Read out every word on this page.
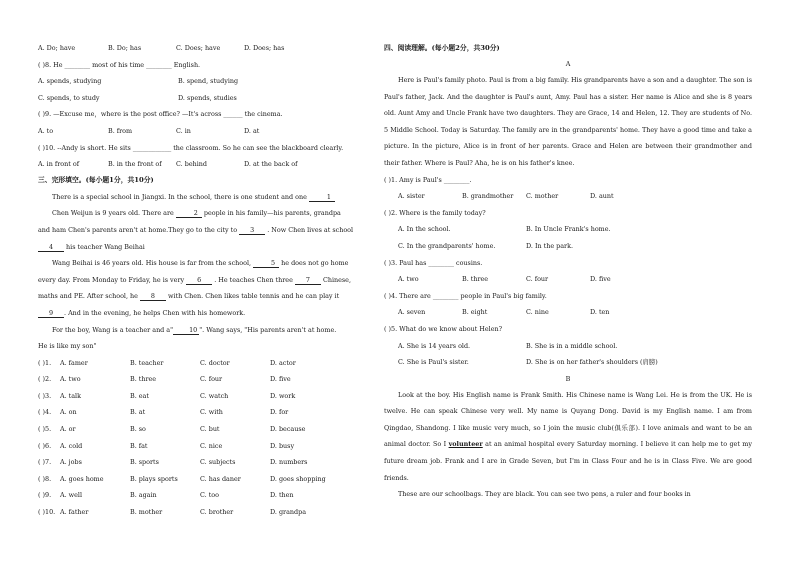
A. Do; have	B. Do; has	C. Does; have	D. Does; has
( )8. He ________ most of his time ________ English.
A. spends, studying	B. spend, studying
C. spends, to study	D. spends, studies
( )9. —Excuse me，where is the post office? —It's across ______ the cinema.
A. to	B. from	C. in	D. at
( )10. --Andy is short. He sits ____________ the classroom. So he can see the blackboard clearly.
A. in front of	B. in the front of	C. behind	D. at the back of
三、完形填空。(每小题1分，共10分)

There is a special school in Jiangxi. In the school, there is one student and one	1

Chen Weijun is 9 years old. There are	2 people in his family—his parents, grandpa

and ham Chen's parents aren't at home.They go to the city to 3 . Now Chen lives at school

4 his teacher Wang Beihai

Wang Beihai is 46 years old. His house is far from the school,	5 he does not go home

every day. From Monday to Friday, he is very 6 . He teaches Chen three 7 Chinese,

maths and PE. After school, he 8 with Chen. Chen likes table tennis and he can play it

9 . And in the evening, he helps Chen with his homework.

For the boy, Wang is a teacher and a"	10 ". Wang says, "His parents aren't at home.

He is like my son"

( )1.	A. famer	B. teacher	C. doctor	D. actor
( )2.	A. two	B. three	C. four	D. five
( )3.	A. talk	B. eat	C. watch	D. work
( )4.	A. on	B. at	C. with	D. for
( )5.	A. or	B. so	C. but	D. because
( )6.	A. cold	B. fat	C. nice	D. busy
( )7.	A. jobs	B. sports	C. subjects	D. numbers
( )8.	A. goes home	B. plays sports	C. has daner	D. goes shopping
( )9.	A. well	B. again	C. too	D. then
( )10. A. father	B. mother	C. brother	D. grandpa
四、阅读理解。(每小题2分，共30分)
A
Here is Paul's family photo. Paul is from a big family. His grandparents have a son and a daughter. The son is Paul's father, Jack. And the daughter is Paul's aunt, Amy. Paul has a sister. Her name is Alice and she is 8 years old. Aunt Amy and Uncle Frank have two daughters. They are Grace, 14 and Helen, 12. They are students of No. 5 Middle School. Today is Saturday. The family are in the grandparents' home. They have a good time and take a picture. In the picture, Alice is in front of her parents. Grace and Helen are between their grandmother and their father. Where is Paul? Aha, he is on his father's knee.
( )1. Amy is Paul's ________.
A. sister	B. grandmother	C. mother	D. aunt
( )2. Where is the family today?
A. In the school.	B. In Uncle Frank's home.
C. In the grandparents' home.	D. In the park.
( )3. Paul has ________ cousins.
A. two	B. three	C. four	D. five
( )4. There are ________ people in Paul's big family.
A. seven	B. eight	C. nine	D. ten
( )5. What do we know about Helen?
A. She is 14 years old.	B. She is in a middle school.
C. She is Paul's sister.	D. She is on her father's shoulders (肩膀)
B
Look at the boy. His English name is Frank Smith. His Chinese name is Wang Lei. He is from the UK. He is twelve. He can speak Chinese very well. My name is Quyang Dong. David is my English name. I am from Qingdao, Shandong. I like music very much, so I join the music club(俱乐部). I love animals and want to be an animal doctor. So I volunteer at an animal hospital every Saturday morning. I believe it can help me to get my future dream job. Frank and I are in Grade Seven, but I'm in Class Four and he is in Class Five. We are good friends.
These are our schoolbags. They are black. You can see two pens, a ruler and four books in
